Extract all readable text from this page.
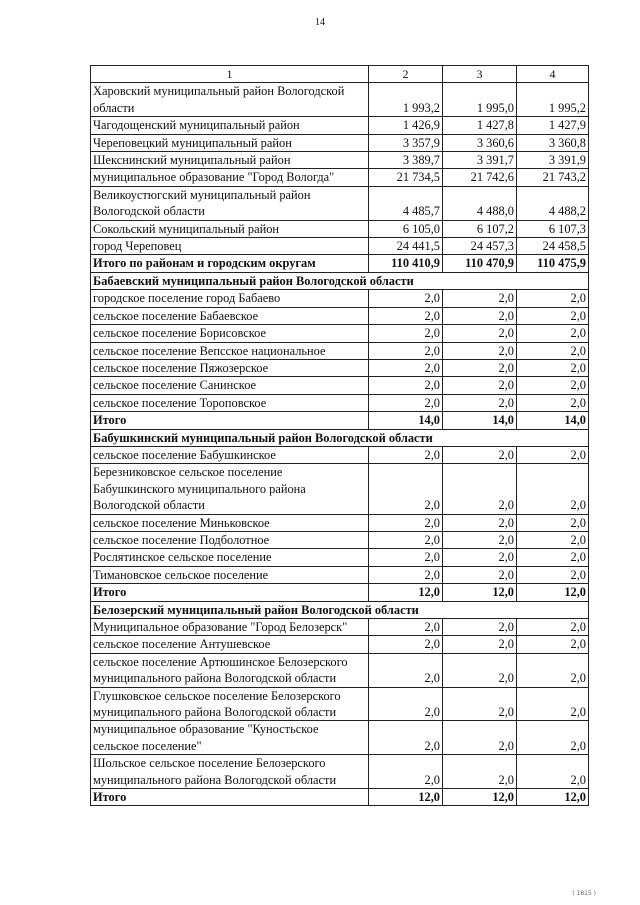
14
1	2	3	4
Харовский муниципальный район Вологодской области	1 993,2	1 995,0	1 995,2
Чагодощенский муниципальный район	1 426,9	1 427,8	1 427,9
Череповецкий муниципальный район	3 357,9	3 360,6	3 360,8
Шекснинский муниципальный район	3 389,7	3 391,7	3 391,9
муниципальное образование "Город Вологда"	21 734,5	21 742,6	21 743,2
Великоустюгский муниципальный район Вологодской области	4 485,7	4 488,0	4 488,2
Сокольский муниципальный район	6 105,0	6 107,2	6 107,3
город Череповец	24 441,5	24 457,3	24 458,5
Итого по районам и городским округам	110 410,9	110 470,9	110 475,9
Бабаевский муниципальный район Вологодской области			
городское поселение город Бабаево	2,0	2,0	2,0
сельское поселение Бабаевское	2,0	2,0	2,0
сельское поселение Борисовское	2,0	2,0	2,0
сельское поселение Вепсское национальное	2,0	2,0	2,0
сельское поселение Пяжозерское	2,0	2,0	2,0
сельское поселение Санинское	2,0	2,0	2,0
сельское поселение Тороповское	2,0	2,0	2,0
Итого	14,0	14,0	14,0
Бабушкинский муниципальный район Вологодской области			
сельское поселение Бабушкинское	2,0	2,0	2,0
Березниковское сельское поселение Бабушкинского муниципального района Вологодской области	2,0	2,0	2,0
сельское поселение Миньковское	2,0	2,0	2,0
сельское поселение Подболотное	2,0	2,0	2,0
Рослятинское сельское поселение	2,0	2,0	2,0
Тимановское сельское поселение	2,0	2,0	2,0
Итого	12,0	12,0	12,0
Белозерский муниципальный район Вологодской области			
Муниципальное образование "Город Белозерск"	2,0	2,0	2,0
сельское поселение Антушевское	2,0	2,0	2,0
сельское поселение Артюшинское Белозерского муниципального района Вологодской области	2,0	2,0	2,0
Глушковское сельское поселение Белозерского муниципального района Вологодской области	2,0	2,0	2,0
муниципальное образование "Куностьское сельское поселение"	2,0	2,0	2,0
Шольское сельское поселение Белозерского муниципального района Вологодской области	2,0	2,0	2,0
Итого	12,0	12,0	12,0
( 1815 )
